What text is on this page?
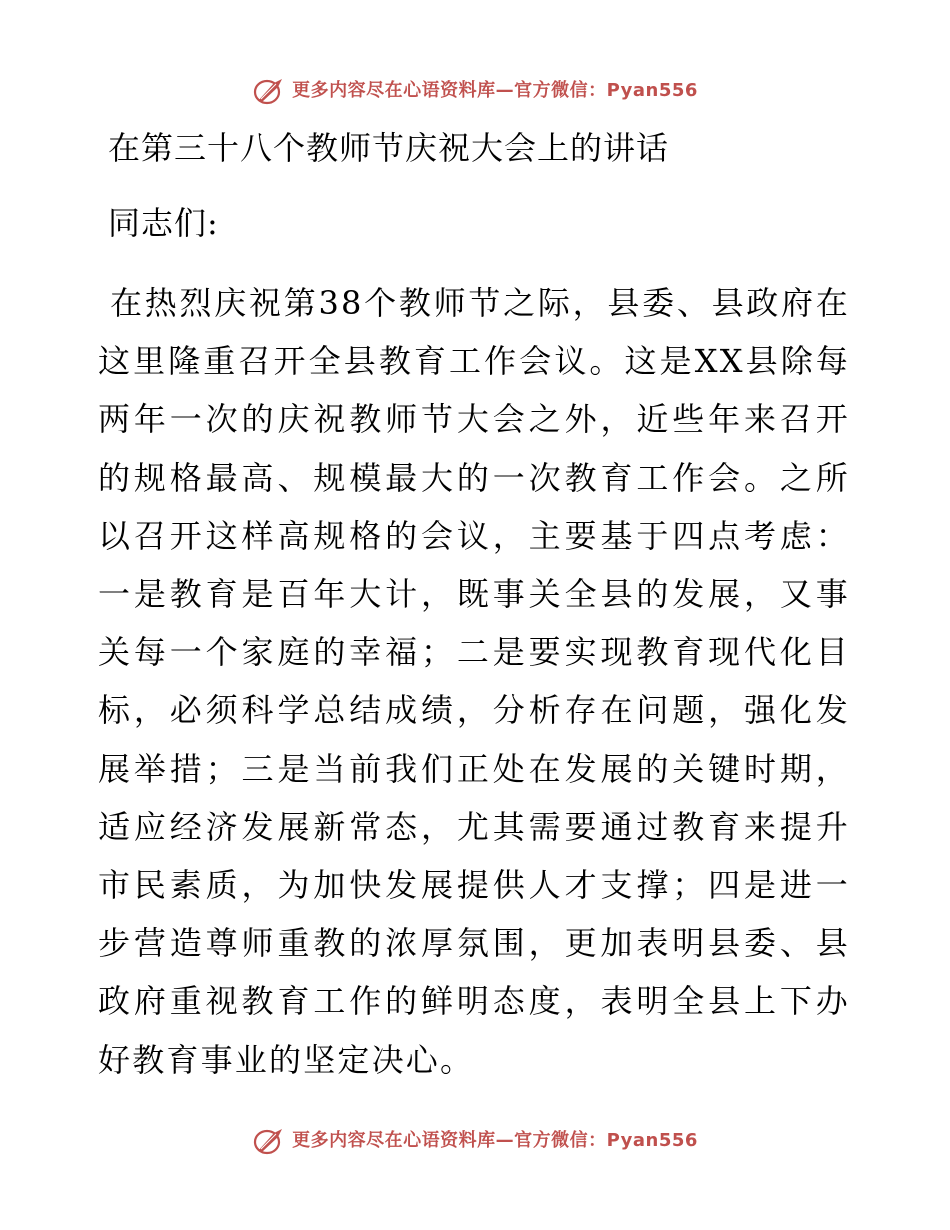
更多内容尽在心语资料库—官方微信：Pyan556
在第三十八个教师节庆祝大会上的讲话
同志们:

在热烈庆祝第38个教师节之际，县委、县政府在这里隆重召开全县教育工作会议。这是XX县除每两年一次的庆祝教师节大会之外，近些年来召开的规格最高、规模最大的一次教育工作会。之所以召开这样高规格的会议，主要基于四点考虑：一是教育是百年大计，既事关全县的发展，又事关每一个家庭的幸福；二是要实现教育现代化目标，必须科学总结成绩，分析存在问题，强化发展举措；三是当前我们正处在发展的关键时期，适应经济发展新常态，尤其需要通过教育来提升市民素质，为加快发展提供人才支撑；四是进一步营造尊师重教的浓厚氛围，更加表明县委、县政府重视教育工作的鲜明态度，表明全县上下办好教育事业的坚定决心。

更多内容尽在心语资料库—官方微信：Pyan556
